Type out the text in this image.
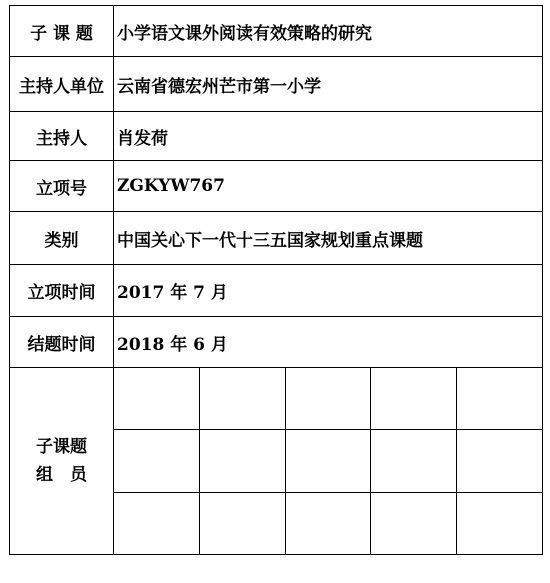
子 课 题	小学语文课外阅读有效策略的研究
主持人单位	云南省德宏州芒市第一小学
主持人	肖发荷
立项号	ZGKYW767
类别	中国关心下一代十三五国家规划重点课题
立项时间	2017 年 7 月
结题时间	2018 年 6 月

子课题
组　员
